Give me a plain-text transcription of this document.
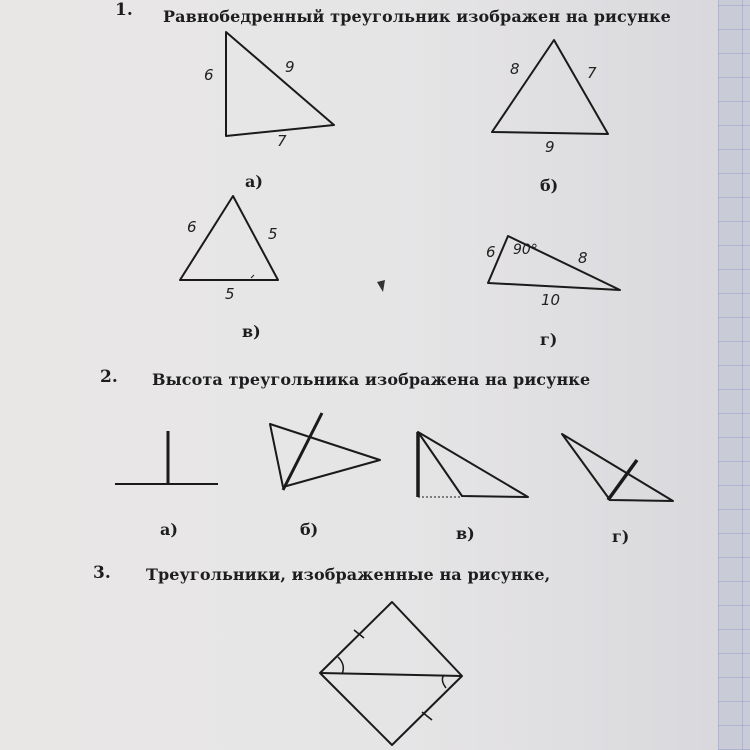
1. Равнобедренный треугольник изображен на рисунке
2. Высота треугольника изображена на рисунке
3. Треугольники, изображенные на рисунке,
а)	б)
в)	г)
6	9
7
8	7
9
6	5
5
6 90°	8
10
а)	б)	в)	г)
